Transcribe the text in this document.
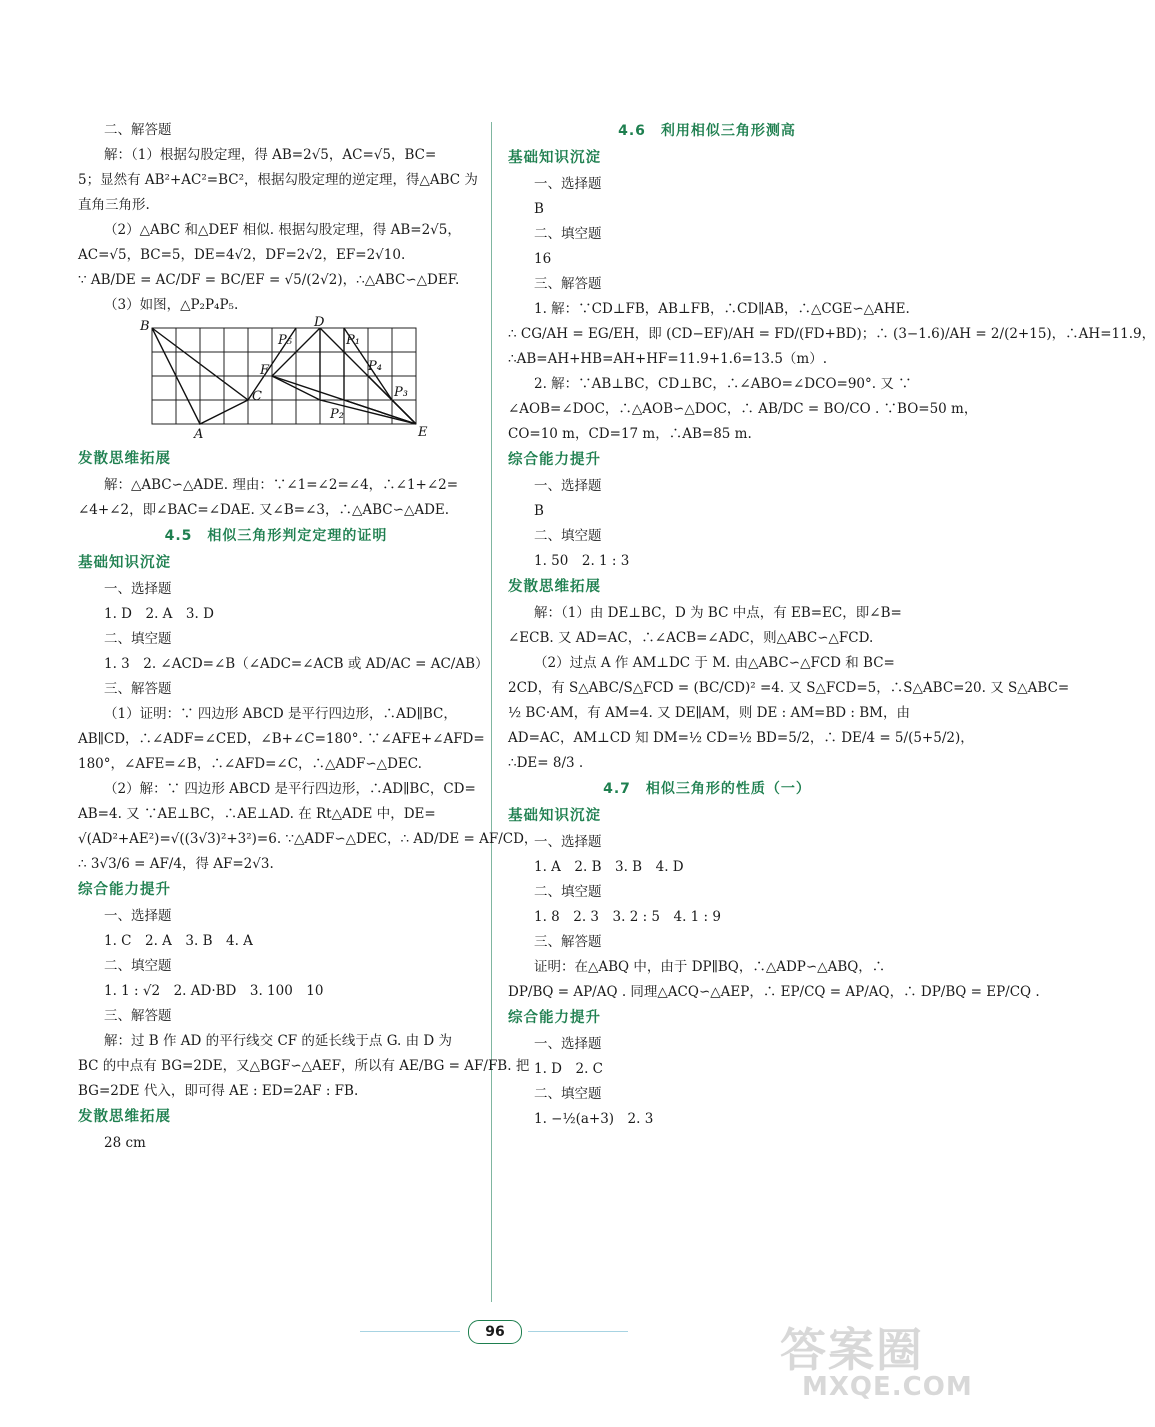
二、解答题
解：（1）根据勾股定理，得 AB=2√5，AC=√5，BC=
5；显然有 AB²+AC²=BC²，根据勾股定理的逆定理，得△ABC 为
直角三角形.
（2）△ABC 和△DEF 相似. 根据勾股定理，得 AB=2√5，
AC=√5，BC=5，DE=4√2，DF=2√2，EF=2√10.
∵ AB/DE = AC/DF = BC/EF = √5/(2√2)，∴△ABC∽△DEF.
（3）如图，△P₂P₄P₅.
B	D
P₅	P₁
F	P₄
C	P₃
P₂
A	E
发散思维拓展
解：△ABC∽△ADE. 理由：∵∠1=∠2=∠4，∴∠1+∠2=
∠4+∠2，即∠BAC=∠DAE. 又∠B=∠3，∴△ABC∽△ADE.
4.5　相似三角形判定定理的证明
基础知识沉淀
一、选择题
1. D　2. A　3. D
二、填空题
1. 3　2. ∠ACD=∠B（∠ADC=∠ACB 或 AD/AC = AC/AB）
三、解答题
（1）证明：∵ 四边形 ABCD 是平行四边形，∴AD∥BC，
AB∥CD，∴∠ADF=∠CED，∠B+∠C=180°. ∵∠AFE+∠AFD=
180°，∠AFE=∠B，∴∠AFD=∠C，∴△ADF∽△DEC.
（2）解：∵ 四边形 ABCD 是平行四边形，∴AD∥BC，CD=
AB=4. 又 ∵AE⊥BC，∴AE⊥AD. 在 Rt△ADE 中，DE=
√(AD²+AE²)=√((3√3)²+3²)=6. ∵△ADF∽△DEC，∴ AD/DE = AF/CD，
∴ 3√3/6 = AF/4，得 AF=2√3.
综合能力提升
一、选择题
1. C　2. A　3. B　4. A
二、填空题
1. 1 : √2　2. AD·BD　3. 100　10
三、解答题
解：过 B 作 AD 的平行线交 CF 的延长线于点 G. 由 D 为
BC 的中点有 BG=2DE，又△BGF∽△AEF，所以有 AE/BG = AF/FB. 把
BG=2DE 代入，即可得 AE : ED=2AF : FB.
发散思维拓展
28 cm
4.6　利用相似三角形测高
基础知识沉淀
一、选择题
B
二、填空题
16
三、解答题
1. 解：∵CD⊥FB，AB⊥FB，∴CD∥AB，∴△CGE∽△AHE.
∴ CG/AH = EG/EH，即 (CD−EF)/AH = FD/(FD+BD)；∴ (3−1.6)/AH = 2/(2+15)，∴AH=11.9，
∴AB=AH+HB=AH+HF=11.9+1.6=13.5（m）.
2. 解：∵AB⊥BC，CD⊥BC，∴∠ABO=∠DCO=90°. 又 ∵
∠AOB=∠DOC，∴△AOB∽△DOC，∴ AB/DC = BO/CO . ∵BO=50 m，
CO=10 m，CD=17 m，∴AB=85 m.
综合能力提升
一、选择题
B
二、填空题
1. 50　2. 1 : 3
发散思维拓展
解：（1）由 DE⊥BC，D 为 BC 中点，有 EB=EC，即∠B=
∠ECB. 又 AD=AC，∴∠ACB=∠ADC，则△ABC∽△FCD.
（2）过点 A 作 AM⊥DC 于 M. 由△ABC∽△FCD 和 BC=
2CD，有 S△ABC/S△FCD = (BC/CD)² =4. 又 S△FCD=5，∴S△ABC=20. 又 S△ABC=
½ BC·AM，有 AM=4. 又 DE∥AM，则 DE : AM=BD : BM，由
AD=AC，AM⊥CD 知 DM=½ CD=½ BD=5/2，∴ DE/4 = 5/(5+5/2)，
∴DE= 8/3 .
4.7　相似三角形的性质（一）
基础知识沉淀
一、选择题
1. A　2. B　3. B　4. D
二、填空题
1. 8　2. 3　3. 2 : 5　4. 1 : 9
三、解答题
证明：在△ABQ 中，由于 DP∥BQ，∴△ADP∽△ABQ，∴
DP/BQ = AP/AQ . 同理△ACQ∽△AEP，∴ EP/CQ = AP/AQ，∴ DP/BQ = EP/CQ .
综合能力提升
一、选择题
1. D　2. C
二、填空题
1. −½(a+3)　2. 3
96	答案圈
MXQE.COM
